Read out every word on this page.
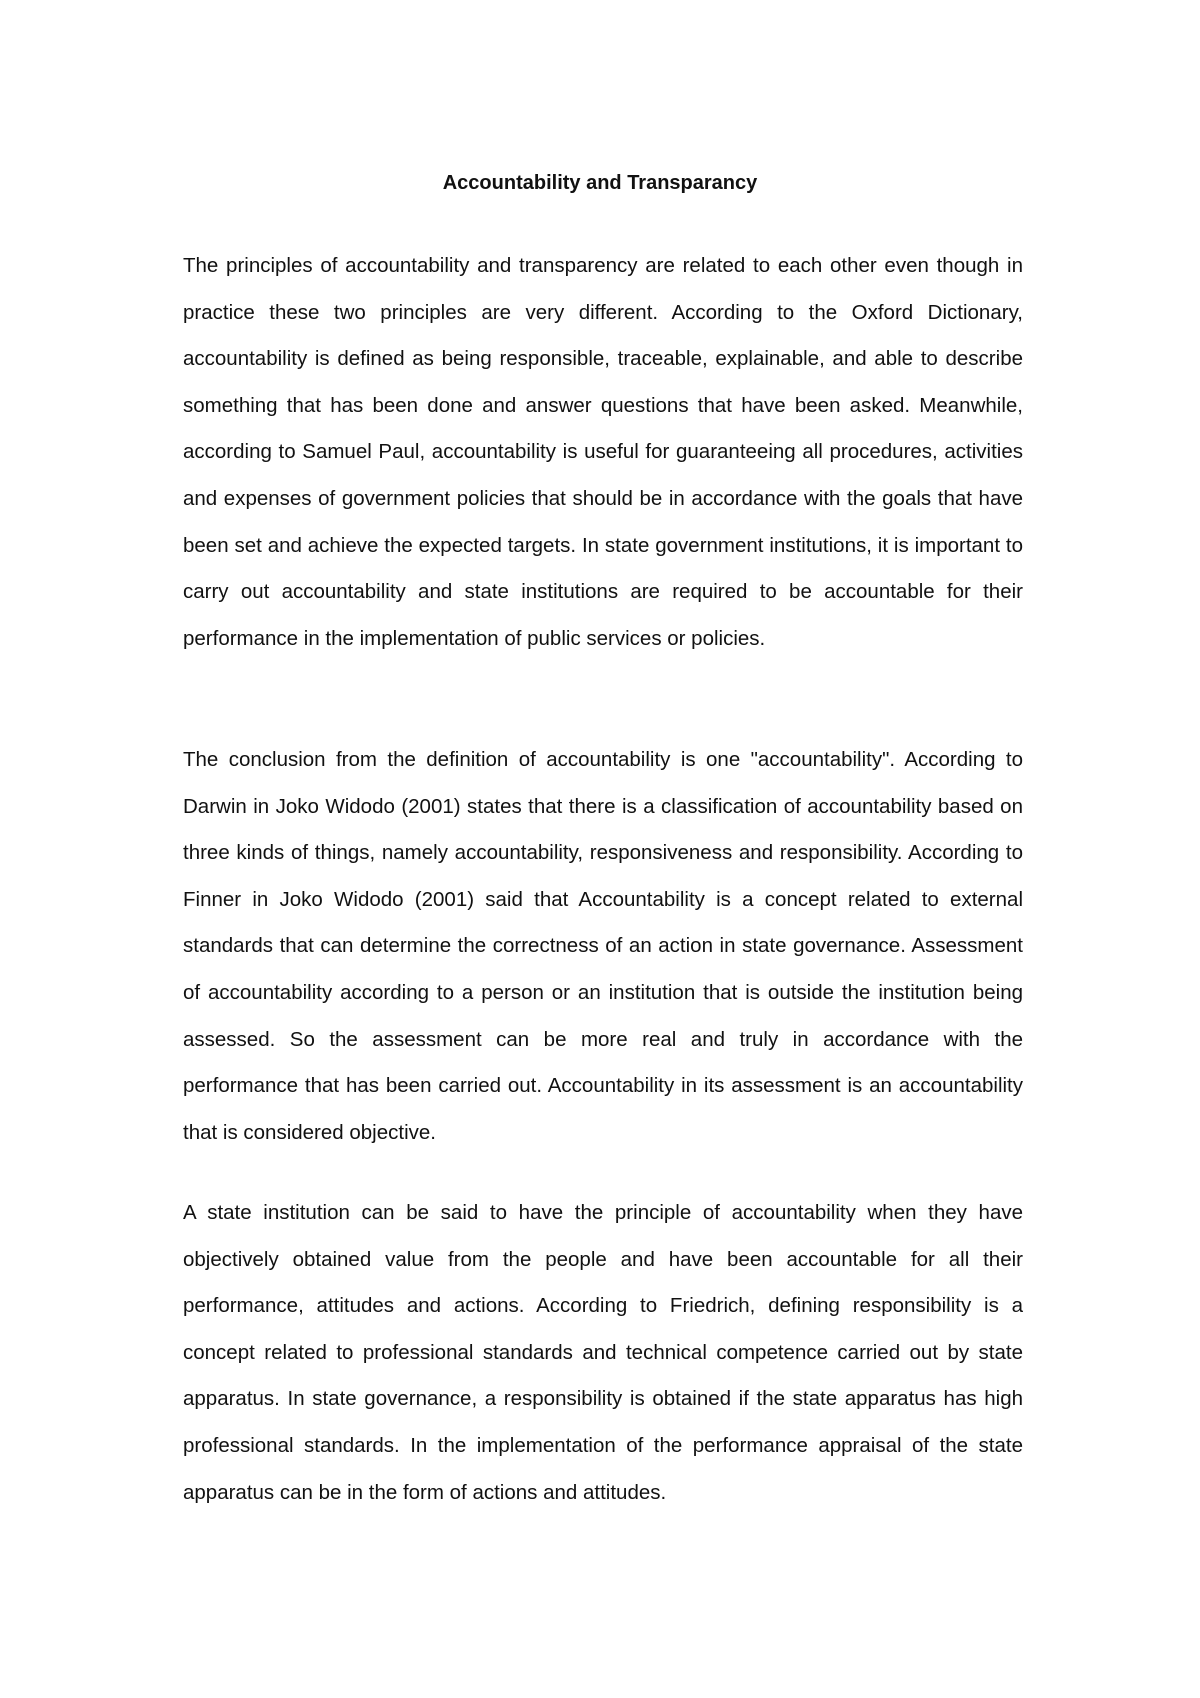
Accountability and Transparancy

The principles of accountability and transparency are related to each other even though in practice these two principles are very different. According to the Oxford Dictionary, accountability is defined as being responsible, traceable, explainable, and able to describe something that has been done and answer questions that have been asked. Meanwhile, according to Samuel Paul, accountability is useful for guaranteeing all procedures, activities and expenses of government policies that should be in accordance with the goals that have been set and achieve the expected targets. In state government institutions, it is important to carry out accountability and state institutions are required to be accountable for their performance in the implementation of public services or policies.

The conclusion from the definition of accountability is one "accountability". According to Darwin in Joko Widodo (2001) states that there is a classification of accountability based on three kinds of things, namely accountability, responsiveness and responsibility. According to Finner in Joko Widodo (2001) said that Accountability is a concept related to external standards that can determine the correctness of an action in state governance. Assessment of accountability according to a person or an institution that is outside the institution being assessed. So the assessment can be more real and truly in accordance with the performance that has been carried out. Accountability in its assessment is an accountability that is considered objective.

A state institution can be said to have the principle of accountability when they have objectively obtained value from the people and have been accountable for all their performance, attitudes and actions. According to Friedrich, defining responsibility is a concept related to professional standards and technical competence carried out by state apparatus. In state governance, a responsibility is obtained if the state apparatus has high professional standards. In the implementation of the performance appraisal of the state apparatus can be in the form of actions and attitudes.
